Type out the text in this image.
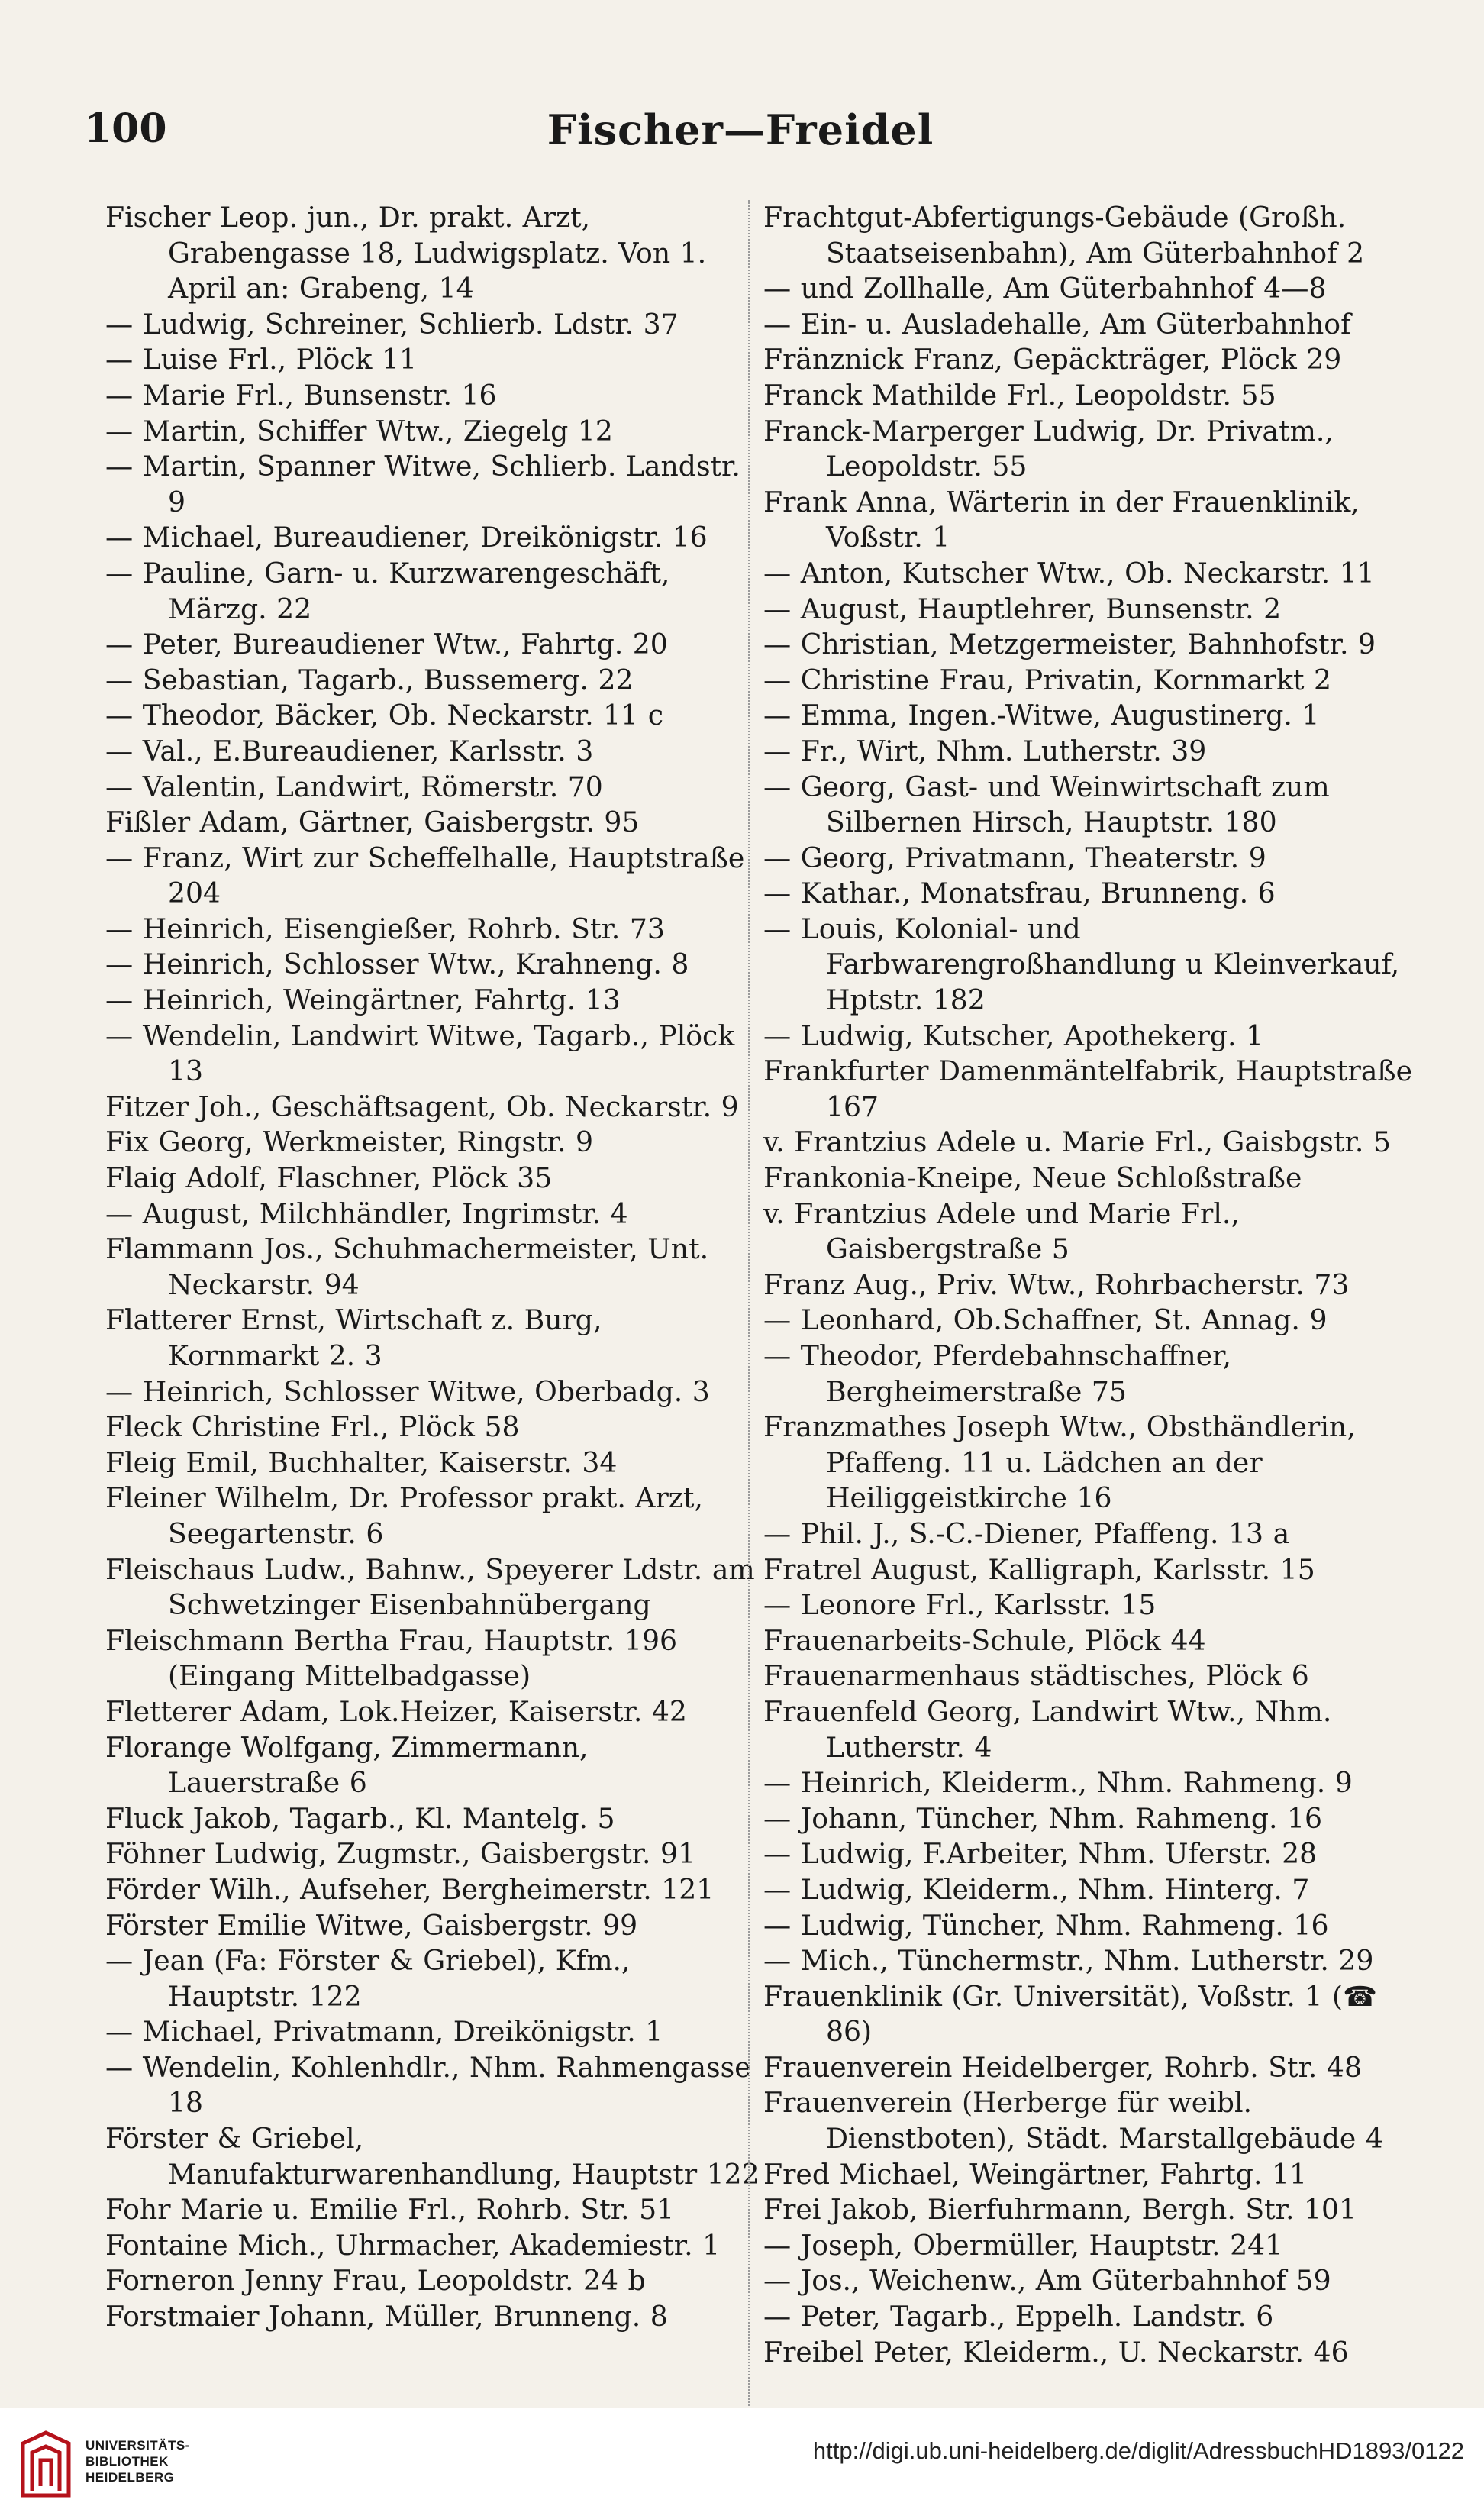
100	Fischer—Freidel
Fischer Leop. jun., Dr. prakt. Arzt, Grabengasse 18, Ludwigsplatz. Von 1. April an: Grabeng, 14
— Ludwig, Schreiner, Schlierb. Ldstr. 37
— Luise Frl., Plöck 11
— Marie Frl., Bunsenstr. 16
— Martin, Schiffer Wtw., Ziegelg 12
— Martin, Spanner Witwe, Schlierb. Landstr. 9
— Michael, Bureaudiener, Dreikönigstr. 16
— Pauline, Garn- u. Kurzwarengeschäft, Märzg. 22
— Peter, Bureaudiener Wtw., Fahrtg. 20
— Sebastian, Tagarb., Bussemerg. 22
— Theodor, Bäcker, Ob. Neckarstr. 11 c
— Val., E.Bureaudiener, Karlsstr. 3
— Valentin, Landwirt, Römerstr. 70
Fißler Adam, Gärtner, Gaisbergstr. 95
— Franz, Wirt zur Scheffelhalle, Hauptstraße 204
— Heinrich, Eisengießer, Rohrb. Str. 73
— Heinrich, Schlosser Wtw., Krahneng. 8
— Heinrich, Weingärtner, Fahrtg. 13
— Wendelin, Landwirt Witwe, Tagarb., Plöck 13
Fitzer Joh., Geschäftsagent, Ob. Neckarstr. 9
Fix Georg, Werkmeister, Ringstr. 9
Flaig Adolf, Flaschner, Plöck 35
— August, Milchhändler, Ingrimstr. 4
Flammann Jos., Schuhmachermeister, Unt. Neckarstr. 94
Flatterer Ernst, Wirtschaft z. Burg, Kornmarkt 2. 3
— Heinrich, Schlosser Witwe, Oberbadg. 3
Fleck Christine Frl., Plöck 58
Fleig Emil, Buchhalter, Kaiserstr. 34
Fleiner Wilhelm, Dr. Professor prakt. Arzt, Seegartenstr. 6
Fleischaus Ludw., Bahnw., Speyerer Ldstr. am Schwetzinger Eisenbahnübergang
Fleischmann Bertha Frau, Hauptstr. 196 (Eingang Mittelbadgasse)
Fletterer Adam, Lok.Heizer, Kaiserstr. 42
Florange Wolfgang, Zimmermann, Lauerstraße 6
Fluck Jakob, Tagarb., Kl. Mantelg. 5
Föhner Ludwig, Zugmstr., Gaisbergstr. 91
Förder Wilh., Aufseher, Bergheimerstr. 121
Förster Emilie Witwe, Gaisbergstr. 99
— Jean (Fa: Förster & Griebel), Kfm., Hauptstr. 122
— Michael, Privatmann, Dreikönigstr. 1
— Wendelin, Kohlenhdlr., Nhm. Rahmengasse 18
Förster & Griebel, Manufakturwarenhandlung, Hauptstr 122
Fohr Marie u. Emilie Frl., Rohrb. Str. 51
Fontaine Mich., Uhrmacher, Akademiestr. 1
Forneron Jenny Frau, Leopoldstr. 24 b
Forstmaier Johann, Müller, Brunneng. 8
Frachtgut-Abfertigungs-Gebäude (Großh. Staatseisenbahn), Am Güterbahnhof 2
— und Zollhalle, Am Güterbahnhof 4—8
— Ein- u. Ausladehalle, Am Güterbahnhof
Fränznick Franz, Gepäckträger, Plöck 29
Franck Mathilde Frl., Leopoldstr. 55
Franck-Marperger Ludwig, Dr. Privatm., Leopoldstr. 55
Frank Anna, Wärterin in der Frauenklinik, Voßstr. 1
— Anton, Kutscher Wtw., Ob. Neckarstr. 11
— August, Hauptlehrer, Bunsenstr. 2
— Christian, Metzgermeister, Bahnhofstr. 9
— Christine Frau, Privatin, Kornmarkt 2
— Emma, Ingen.-Witwe, Augustinerg. 1
— Fr., Wirt, Nhm. Lutherstr. 39
— Georg, Gast- und Weinwirtschaft zum Silbernen Hirsch, Hauptstr. 180
— Georg, Privatmann, Theaterstr. 9
— Kathar., Monatsfrau, Brunneng. 6
— Louis, Kolonial- und Farbwarengroßhandlung u Kleinverkauf, Hptstr. 182
— Ludwig, Kutscher, Apothekerg. 1
Frankfurter Damenmäntelfabrik, Hauptstraße 167
v. Frantzius Adele u. Marie Frl., Gaisbgstr. 5
Frankonia-Kneipe, Neue Schloßstraße
v. Frantzius Adele und Marie Frl., Gaisbergstraße 5
Franz Aug., Priv. Wtw., Rohrbacherstr. 73
— Leonhard, Ob.Schaffner, St. Annag. 9
— Theodor, Pferdebahnschaffner, Bergheimerstraße 75
Franzmathes Joseph Wtw., Obsthändlerin, Pfaffeng. 11 u. Lädchen an der Heiliggeistkirche 16
— Phil. J., S.-C.-Diener, Pfaffeng. 13 a
Fratrel August, Kalligraph, Karlsstr. 15
— Leonore Frl., Karlsstr. 15
Frauenarbeits-Schule, Plöck 44
Frauenarmenhaus städtisches, Plöck 6
Frauenfeld Georg, Landwirt Wtw., Nhm. Lutherstr. 4
— Heinrich, Kleiderm., Nhm. Rahmeng. 9
— Johann, Tüncher, Nhm. Rahmeng. 16
— Ludwig, F.Arbeiter, Nhm. Uferstr. 28
— Ludwig, Kleiderm., Nhm. Hinterg. 7
— Ludwig, Tüncher, Nhm. Rahmeng. 16
— Mich., Tünchermstr., Nhm. Lutherstr. 29
Frauenklinik (Gr. Universität), Voßstr. 1 (☎ 86)
Frauenverein Heidelberger, Rohrb. Str. 48
Frauenverein (Herberge für weibl. Dienstboten), Städt. Marstallgebäude 4
Fred Michael, Weingärtner, Fahrtg. 11
Frei Jakob, Bierfuhrmann, Bergh. Str. 101
— Joseph, Obermüller, Hauptstr. 241
— Jos., Weichenw., Am Güterbahnhof 59
— Peter, Tagarb., Eppelh. Landstr. 6
Freibel Peter, Kleiderm., U. Neckarstr. 46
UNIVERSITÄTS-
BIBLIOTHEK
HEIDELBERG
http://digi.ub.uni-heidelberg.de/diglit/AdressbuchHD1893/0122
